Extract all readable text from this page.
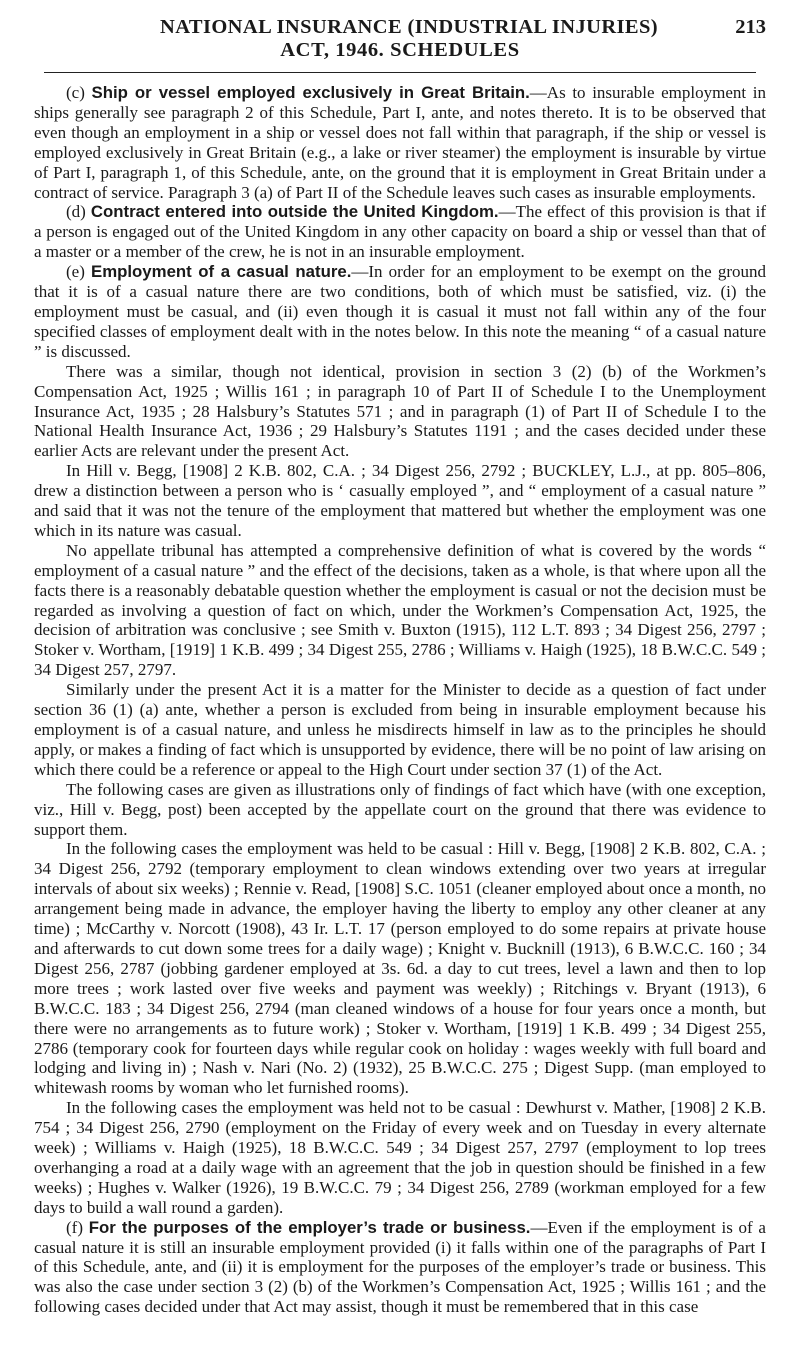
NATIONAL INSURANCE (INDUSTRIAL INJURIES)
ACT, 1946. SCHEDULES
213

(c) Ship or vessel employed exclusively in Great Britain.—As to insurable employment in ships generally see paragraph 2 of this Schedule, Part I, ante, and notes thereto. It is to be observed that even though an employment in a ship or vessel does not fall within that paragraph, if the ship or vessel is employed exclusively in Great Britain (e.g., a lake or river steamer) the employment is insurable by virtue of Part I, paragraph 1, of this Schedule, ante, on the ground that it is employment in Great Britain under a contract of service. Paragraph 3 (a) of Part II of the Schedule leaves such cases as insurable employments.

(d) Contract entered into outside the United Kingdom.—The effect of this provision is that if a person is engaged out of the United Kingdom in any other capacity on board a ship or vessel than that of a master or a member of the crew, he is not in an insurable employment.

(e) Employment of a casual nature.—In order for an employment to be exempt on the ground that it is of a casual nature there are two conditions, both of which must be satisfied, viz. (i) the employment must be casual, and (ii) even though it is casual it must not fall within any of the four specified classes of employment dealt with in the notes below. In this note the meaning “ of a casual nature ” is discussed.

There was a similar, though not identical, provision in section 3 (2) (b) of the Workmen’s Compensation Act, 1925 ; Willis 161 ; in paragraph 10 of Part II of Schedule I to the Unemployment Insurance Act, 1935 ; 28 Halsbury’s Statutes 571 ; and in paragraph (1) of Part II of Schedule I to the National Health Insurance Act, 1936 ; 29 Halsbury’s Statutes 1191 ; and the cases decided under these earlier Acts are relevant under the present Act.

In Hill v. Begg, [1908] 2 K.B. 802, C.A. ; 34 Digest 256, 2792 ; BUCKLEY, L.J., at pp. 805–806, drew a distinction between a person who is ‘ casually employed ”, and “ employment of a casual nature ” and said that it was not the tenure of the employment that mattered but whether the employment was one which in its nature was casual.

No appellate tribunal has attempted a comprehensive definition of what is covered by the words “ employment of a casual nature ” and the effect of the decisions, taken as a whole, is that where upon all the facts there is a reasonably debatable question whether the employment is casual or not the decision must be regarded as involving a question of fact on which, under the Workmen’s Compensation Act, 1925, the decision of arbitration was conclusive ; see Smith v. Buxton (1915), 112 L.T. 893 ; 34 Digest 256, 2797 ; Stoker v. Wortham, [1919] 1 K.B. 499 ; 34 Digest 255, 2786 ; Williams v. Haigh (1925), 18 B.W.C.C. 549 ; 34 Digest 257, 2797.

Similarly under the present Act it is a matter for the Minister to decide as a question of fact under section 36 (1) (a) ante, whether a person is excluded from being in insurable employment because his employment is of a casual nature, and unless he misdirects himself in law as to the principles he should apply, or makes a finding of fact which is unsupported by evidence, there will be no point of law arising on which there could be a reference or appeal to the High Court under section 37 (1) of the Act.

The following cases are given as illustrations only of findings of fact which have (with one exception, viz., Hill v. Begg, post) been accepted by the appellate court on the ground that there was evidence to support them.

In the following cases the employment was held to be casual : Hill v. Begg, [1908] 2 K.B. 802, C.A. ; 34 Digest 256, 2792 (temporary employment to clean windows extending over two years at irregular intervals of about six weeks) ; Rennie v. Read, [1908] S.C. 1051 (cleaner employed about once a month, no arrangement being made in advance, the employer having the liberty to employ any other cleaner at any time) ; McCarthy v. Norcott (1908), 43 Ir. L.T. 17 (person employed to do some repairs at private house and afterwards to cut down some trees for a daily wage) ; Knight v. Bucknill (1913), 6 B.W.C.C. 160 ; 34 Digest 256, 2787 (jobbing gardener employed at 3s. 6d. a day to cut trees, level a lawn and then to lop more trees ; work lasted over five weeks and payment was weekly) ; Ritchings v. Bryant (1913), 6 B.W.C.C. 183 ; 34 Digest 256, 2794 (man cleaned windows of a house for four years once a month, but there were no arrangements as to future work) ; Stoker v. Wortham, [1919] 1 K.B. 499 ; 34 Digest 255, 2786 (temporary cook for fourteen days while regular cook on holiday : wages weekly with full board and lodging and living in) ; Nash v. Nari (No. 2) (1932), 25 B.W.C.C. 275 ; Digest Supp. (man employed to whitewash rooms by woman who let furnished rooms).

In the following cases the employment was held not to be casual : Dewhurst v. Mather, [1908] 2 K.B. 754 ; 34 Digest 256, 2790 (employment on the Friday of every week and on Tuesday in every alternate week) ; Williams v. Haigh (1925), 18 B.W.C.C. 549 ; 34 Digest 257, 2797 (employment to lop trees overhanging a road at a daily wage with an agreement that the job in question should be finished in a few weeks) ; Hughes v. Walker (1926), 19 B.W.C.C. 79 ; 34 Digest 256, 2789 (workman employed for a few days to build a wall round a garden).

(f) For the purposes of the employer’s trade or business.—Even if the employment is of a casual nature it is still an insurable employment provided (i) it falls within one of the paragraphs of Part I of this Schedule, ante, and (ii) it is employment for the purposes of the employer’s trade or business. This was also the case under section 3 (2) (b) of the Workmen’s Compensation Act, 1925 ; Willis 161 ; and the following cases decided under that Act may assist, though it must be remembered that in this case
